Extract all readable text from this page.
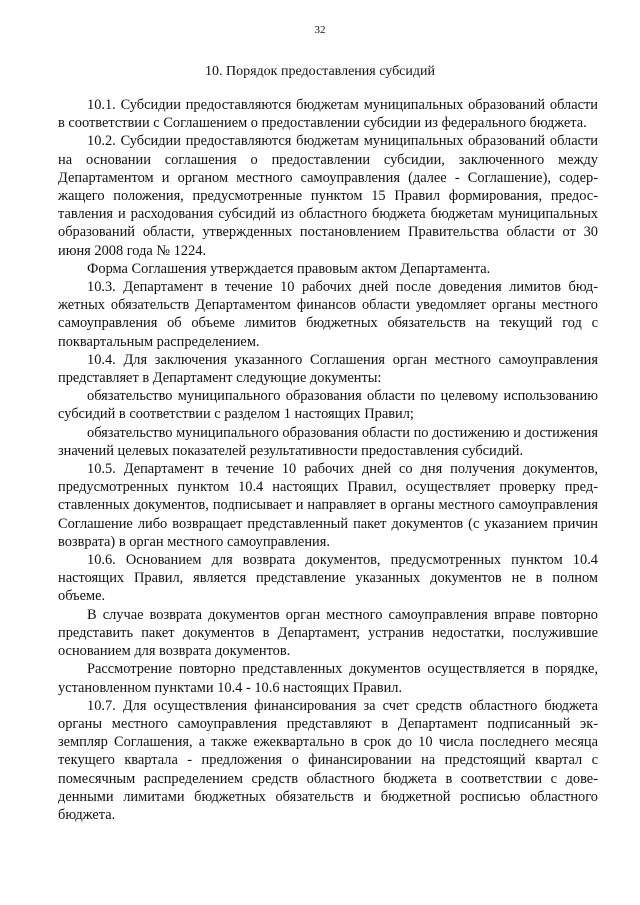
32
10. Порядок предоставления субсидий

10.1. Субсидии предоставляются бюджетам муниципальных образований области в соответствии с Соглашением о предоставлении субсидии из федерального бюджета.

10.2. Субсидии предоставляются бюджетам муниципальных образований области на основании соглашения о предоставлении субсидии, заключенного между Департаментом и органом местного самоуправления (далее - Соглашение), содержащего положения, предусмотренные пунктом 15 Правил формирования, предоставления и расходования субсидий из областного бюджета бюджетам муниципальных образований области, утвержденных постановлением Правительства области от 30 июня 2008 года № 1224.

Форма Соглашения утверждается правовым актом Департамента.

10.3. Департамент в течение 10 рабочих дней после доведения лимитов бюджетных обязательств Департаментом финансов области уведомляет органы местного самоуправления об объеме лимитов бюджетных обязательств на текущий год с поквартальным распределением.

10.4. Для заключения указанного Соглашения орган местного самоуправления представляет в Департамент следующие документы:

обязательство муниципального образования области по целевому использованию субсидий в соответствии с разделом 1 настоящих Правил;

обязательство муниципального образования области по достижению и достижения значений целевых показателей результативности предоставления субсидий.

10.5. Департамент в течение 10 рабочих дней со дня получения документов, предусмотренных пунктом 10.4 настоящих Правил, осуществляет проверку представленных документов, подписывает и направляет в органы местного самоуправления Соглашение либо возвращает представленный пакет документов (с указанием причин возврата) в орган местного самоуправления.

10.6. Основанием для возврата документов, предусмотренных пунктом 10.4 настоящих Правил, является представление указанных документов не в полном объеме.

В случае возврата документов орган местного самоуправления вправе повторно представить пакет документов в Департамент, устранив недостатки, послужившие основанием для возврата документов.

Рассмотрение повторно представленных документов осуществляется в порядке, установленном пунктами 10.4 - 10.6 настоящих Правил.

10.7. Для осуществления финансирования за счет средств областного бюджета органы местного самоуправления представляют в Департамент подписанный экземпляр Соглашения, а также ежеквартально в срок до 10 числа последнего месяца текущего квартала - предложения о финансировании на предстоящий квартал с помесячным распределением средств областного бюджета в соответствии с доведенными лимитами бюджетных обязательств и бюджетной росписью областного бюджета.
